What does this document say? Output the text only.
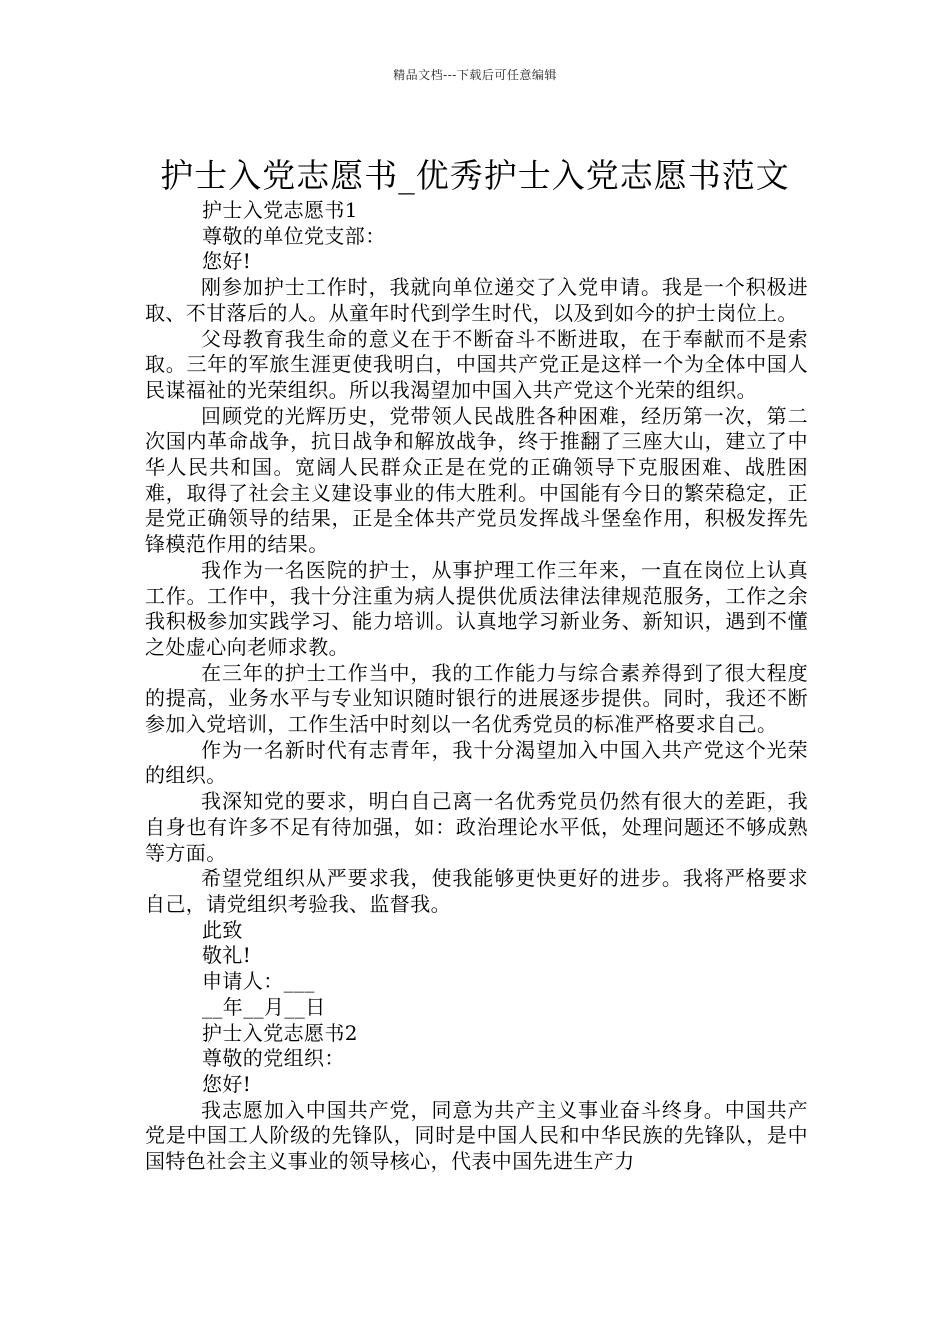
精品文档---下载后可任意编辑
护士入党志愿书_优秀护士入党志愿书范文

护士入党志愿书1

尊敬的单位党支部：

您好!

刚参加护士工作时，我就向单位递交了入党申请。我是一个积极进取、不甘落后的人。从童年时代到学生时代，以及到如今的护士岗位上。

父母教育我生命的意义在于不断奋斗不断进取，在于奉献而不是索取。三年的军旅生涯更使我明白，中国共产党正是这样一个为全体中国人民谋福祉的光荣组织。所以我渴望加中国入共产党这个光荣的组织。

回顾党的光辉历史，党带领人民战胜各种困难，经历第一次，第二次国内革命战争，抗日战争和解放战争，终于推翻了三座大山，建立了中华人民共和国。宽阔人民群众正是在党的正确领导下克服困难、战胜困难，取得了社会主义建设事业的伟大胜利。中国能有今日的繁荣稳定，正是党正确领导的结果，正是全体共产党员发挥战斗堡垒作用，积极发挥先锋模范作用的结果。

我作为一名医院的护士，从事护理工作三年来，一直在岗位上认真工作。工作中，我十分注重为病人提供优质法律法律规范服务，工作之余我积极参加实践学习、能力培训。认真地学习新业务、新知识，遇到不懂之处虚心向老师求教。

在三年的护士工作当中，我的工作能力与综合素养得到了很大程度的提高，业务水平与专业知识随时银行的进展逐步提供。同时，我还不断参加入党培训，工作生活中时刻以一名优秀党员的标准严格要求自己。

作为一名新时代有志青年，我十分渴望加入中国入共产党这个光荣的组织。

我深知党的要求，明白自己离一名优秀党员仍然有很大的差距，我自身也有许多不足有待加强，如：政治理论水平低，处理问题还不够成熟等方面。

希望党组织从严要求我，使我能够更快更好的进步。我将严格要求自己，请党组织考验我、监督我。

此致

敬礼!

申请人：___

__年__月__日

护士入党志愿书2

尊敬的党组织：

您好!

我志愿加入中国共产党，同意为共产主义事业奋斗终身。中国共产党是中国工人阶级的先锋队，同时是中国人民和中华民族的先锋队，是中国特色社会主义事业的领导核心，代表中国先进生产力
